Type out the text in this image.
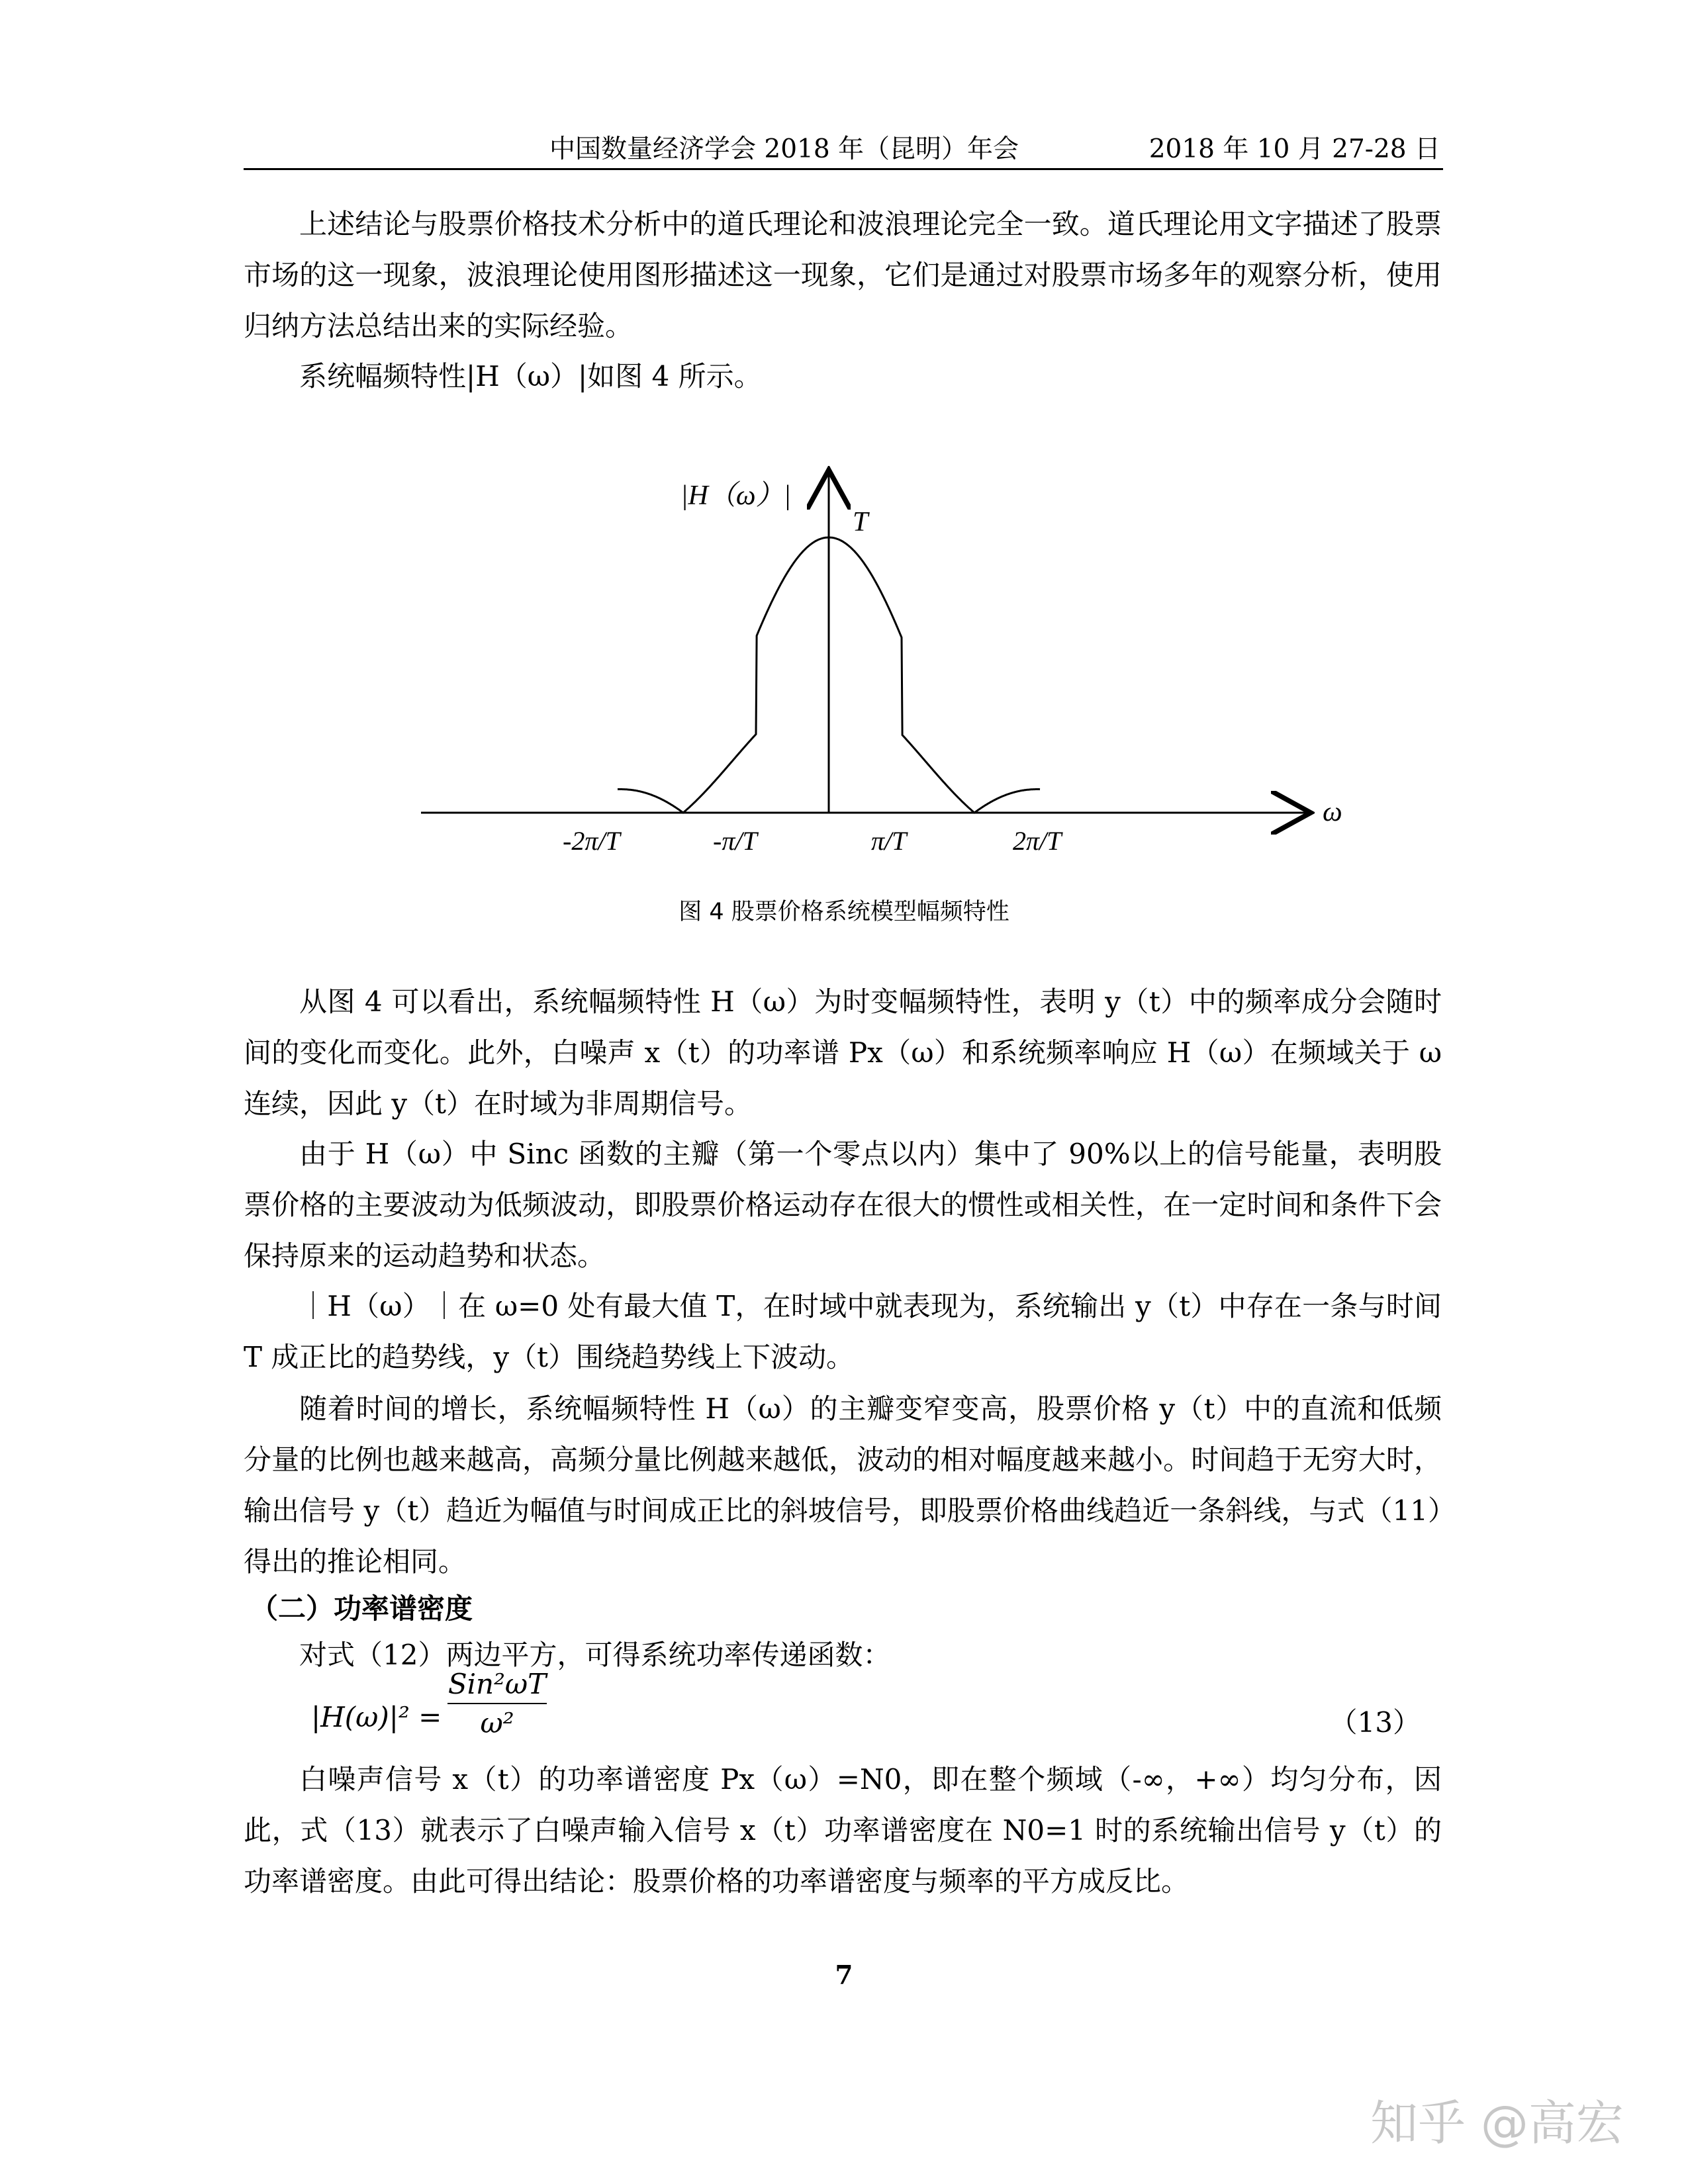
中国数量经济学会 2018 年（昆明）年会	2018 年 10 月 27-28 日

上述结论与股票价格技术分析中的道氏理论和波浪理论完全一致。道氏理论用文字描述了股票市场的这一现象，波浪理论使用图形描述这一现象，它们是通过对股票市场多年的观察分析，使用归纳方法总结出来的实际经验。

系统幅频特性|H（ω）|如图 4 所示。

|H（ω）|
T
ω
-2π/T	-π/T	π/T	2π/T
图 4 股票价格系统模型幅频特性

从图 4 可以看出，系统幅频特性 H（ω）为时变幅频特性，表明 y（t）中的频率成分会随时间的变化而变化。此外，白噪声 x（t）的功率谱 Px（ω）和系统频率响应 H（ω）在频域关于 ω 连续，因此 y（t）在时域为非周期信号。

由于 H（ω）中 Sinc 函数的主瓣（第一个零点以内）集中了 90%以上的信号能量，表明股票价格的主要波动为低频波动，即股票价格运动存在很大的惯性或相关性，在一定时间和条件下会保持原来的运动趋势和状态。

｜H（ω）｜在 ω=0 处有最大值 T，在时域中就表现为，系统输出 y（t）中存在一条与时间 T 成正比的趋势线，y（t）围绕趋势线上下波动。

随着时间的增长，系统幅频特性 H（ω）的主瓣变窄变高，股票价格 y（t）中的直流和低频分量的比例也越来越高，高频分量比例越来越低，波动的相对幅度越来越小。时间趋于无穷大时，输出信号 y（t）趋近为幅值与时间成正比的斜坡信号，即股票价格曲线趋近一条斜线，与式（11）得出的推论相同。

（二）功率谱密度

对式（12）两边平方，可得系统功率传递函数：

|H(ω)|² =
Sin²ωT
ω²	（13）

白噪声信号 x（t）的功率谱密度 Px（ω）=N0，即在整个频域（-∞，+∞）均匀分布，因此，式（13）就表示了白噪声输入信号 x（t）功率谱密度在 N0=1 时的系统输出信号 y（t）的功率谱密度。由此可得出结论：股票价格的功率谱密度与频率的平方成反比。

7
知乎 @高宏
